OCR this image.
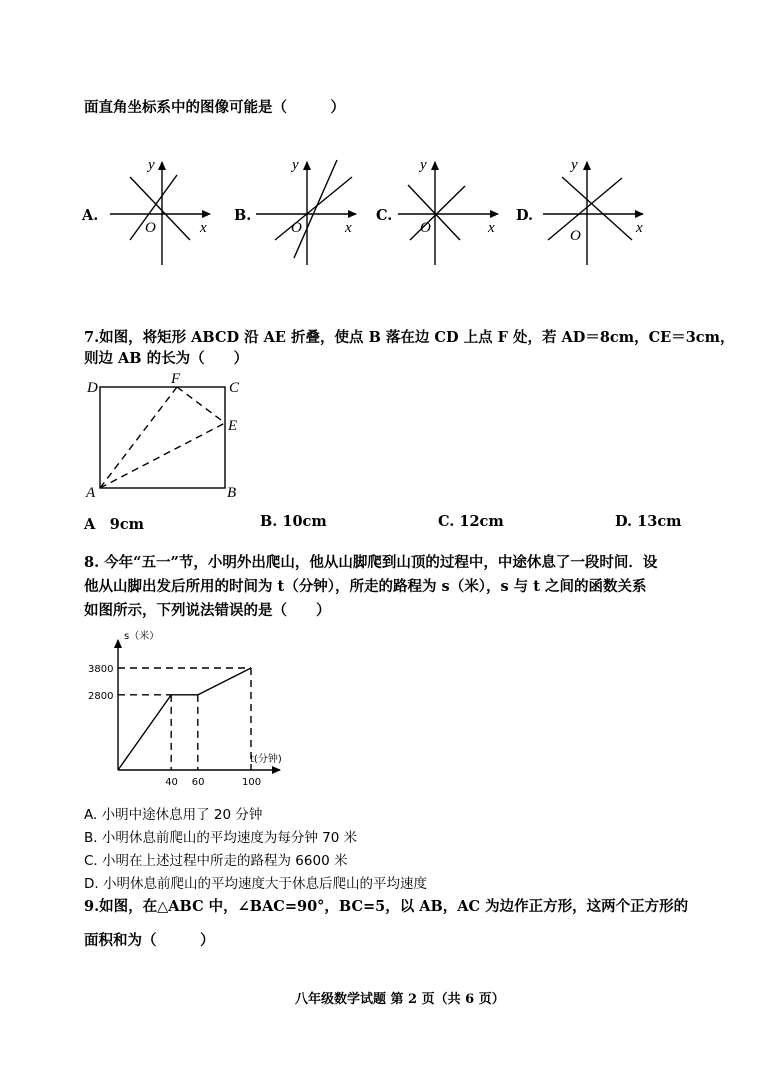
面直角坐标系中的图像可能是（　　　）
A.
y
x
O
B.
y
x
O
C.
y
x
O
D.
y
x
O
7.如图，将矩形 ABCD 沿 AE 折叠，使点 B 落在边 CD 上点 F 处，若 AD＝8cm，CE＝3cm，
则边 AB 的长为（　　）
D
F
C
E
A	B
A　9cm	B. 10cm	C. 12cm	D. 13cm
8. 今年“五一”节，小明外出爬山，他从山脚爬到山顶的过程中，中途休息了一段时间．设
他从山脚出发后所用的时间为 t（分钟），所走的路程为 s（米），s 与 t 之间的函数关系
如图所示，下列说法错误的是（　　）
40 60	100
2800
3800
t(分钟)
s（米）
A. 小明中途休息用了 20 分钟
B. 小明休息前爬山的平均速度为每分钟 70 米
C. 小明在上述过程中所走的路程为 6600 米
D. 小明休息前爬山的平均速度大于休息后爬山的平均速度
9.如图，在△ABC 中，∠BAC=90°，BC=5，以 AB，AC 为边作正方形，这两个正方形的
面积和为（　　　）
八年级数学试题 第 2 页（共 6 页）
